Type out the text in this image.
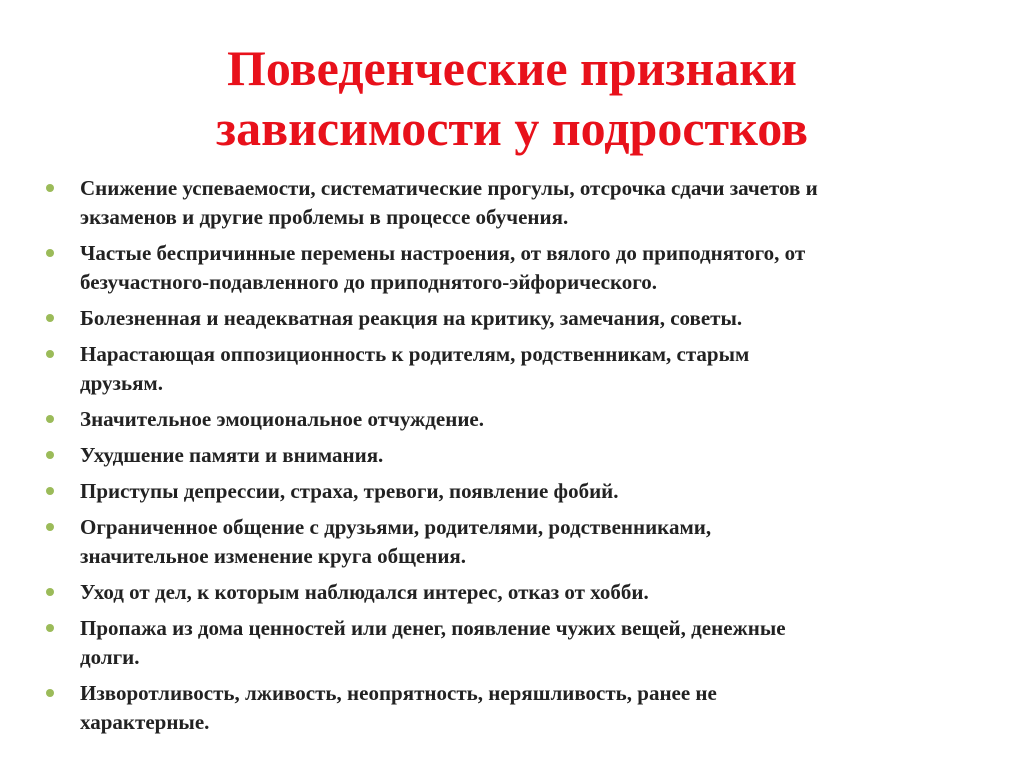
Поведенческие признаки
зависимости у подростков
Снижение успеваемости, систематические прогулы, отсрочка сдачи зачетов и
экзаменов и другие проблемы в процессе обучения.
Частые беспричинные перемены настроения, от вялого до приподнятого, от
безучастного-подавленного до приподнятого-эйфорического.
Болезненная и неадекватная реакция на критику, замечания, советы.
Нарастающая оппозиционность к родителям, родственникам, старым
друзьям.
Значительное эмоциональное отчуждение.
Ухудшение памяти и внимания.
Приступы депрессии, страха, тревоги, появление фобий.
Ограниченное общение с друзьями, родителями, родственниками,
значительное изменение круга общения.
Уход от дел, к которым наблюдался интерес, отказ от хобби.
Пропажа из дома ценностей или денег, появление чужих вещей, денежные
долги.
Изворотливость, лживость, неопрятность, неряшливость, ранее не
характерные.
